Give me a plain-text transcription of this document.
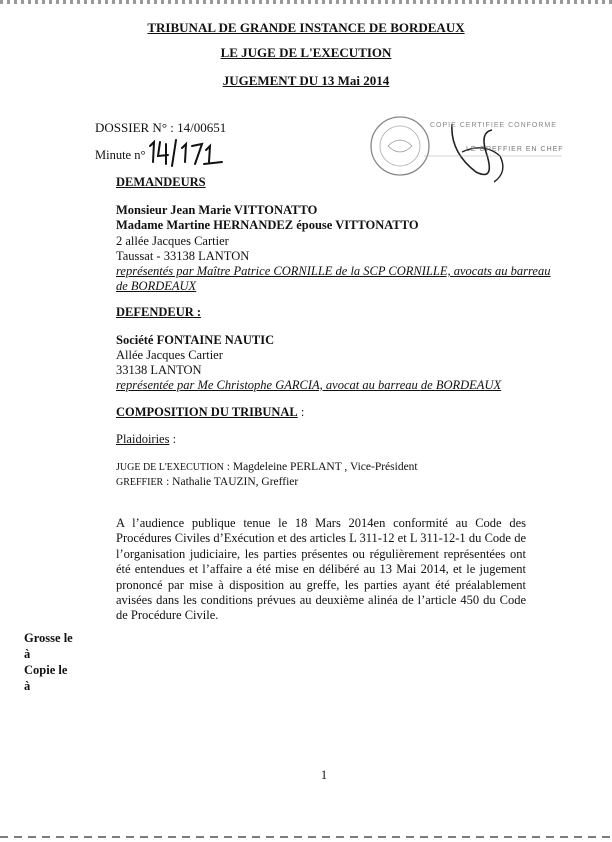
TRIBUNAL DE GRANDE INSTANCE DE BORDEAUX
LE JUGE DE L'EXECUTION
JUGEMENT DU 13 Mai 2014
DOSSIER N° : 14/00651
Minute n°
COPIE CERTIFIEE CONFORME
LE GREFFIER EN CHEF
DEMANDEURS
Monsieur Jean Marie VITTONATTO
Madame Martine HERNANDEZ épouse VITTONATTO
2 allée Jacques Cartier
Taussat - 33138 LANTON
représentés par Maître Patrice CORNILLE de la SCP CORNILLE, avocats au barreau
de BORDEAUX
DEFENDEUR :
Société FONTAINE NAUTIC
Allée Jacques Cartier
33138 LANTON
représentée par Me Christophe GARCIA, avocat au barreau de BORDEAUX
COMPOSITION DU TRIBUNAL :
Plaidoiries :
JUGE DE L'EXECUTION : Magdeleine PERLANT , Vice-Président
GREFFIER : Nathalie TAUZIN, Greffier
A l’audience publique tenue le 18 Mars 2014en conformité au Code des Procédures Civiles d’Exécution et des articles L 311-12 et L 311-12-1 du Code de l’organisation judiciaire, les parties présentes ou régulièrement représentées ont été entendues et l’affaire a été mise en délibéré au 13 Mai 2014, et le jugement prononcé par mise à disposition au greffe, les parties ayant été préalablement avisées dans les conditions prévues au deuxième alinéa de l’article 450 du Code de Procédure Civile.
Grosse le
à
Copie le
à
1
